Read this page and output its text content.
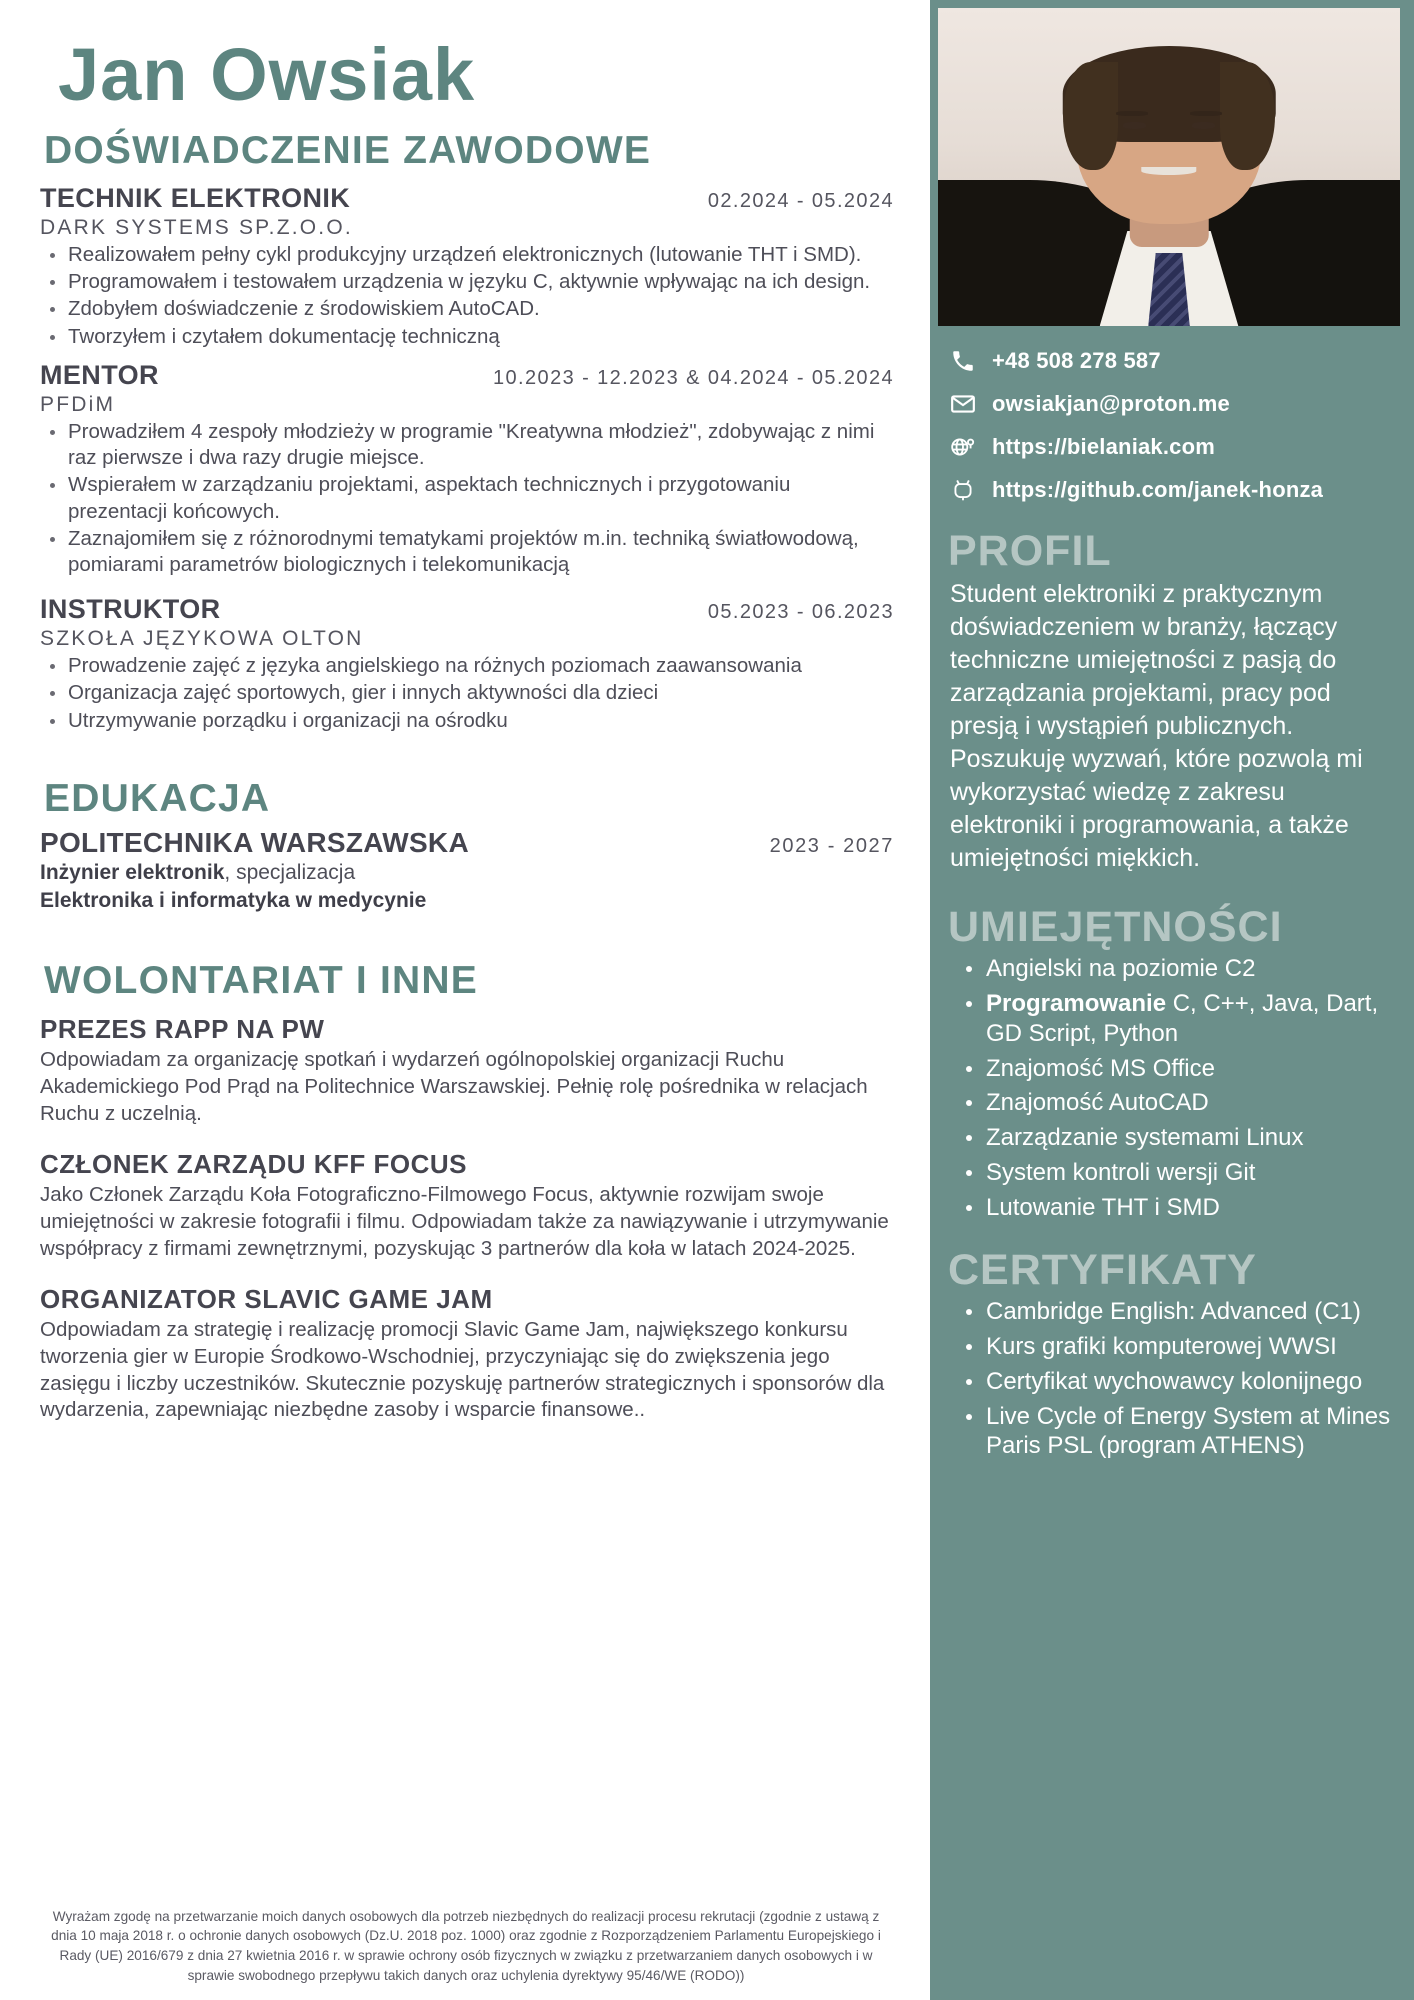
Jan Owsiak
DOŚWIADCZENIE ZAWODOWE
TECHNIK ELEKTRONIK	02.2024 - 05.2024
DARK SYSTEMS SP.Z.O.O.
Realizowałem pełny cykl produkcyjny urządzeń elektronicznych (lutowanie THT i SMD).
Programowałem i testowałem urządzenia w języku C, aktywnie wpływając na ich design.
Zdobyłem doświadczenie z środowiskiem AutoCAD.
Tworzyłem i czytałem dokumentację techniczną
MENTOR	10.2023 - 12.2023 & 04.2024 - 05.2024
PFDiM
Prowadziłem 4 zespoły młodzieży w programie "Kreatywna młodzież", zdobywając z nimi raz pierwsze i dwa razy drugie miejsce.
Wspierałem w zarządzaniu projektami, aspektach technicznych i przygotowaniu prezentacji końcowych.
Zaznajomiłem się z różnorodnymi tematykami projektów m.in. techniką światłowodową, pomiarami parametrów biologicznych i telekomunikacją
INSTRUKTOR	05.2023 - 06.2023
SZKOŁA JĘZYKOWA OLTON
Prowadzenie zajęć z języka angielskiego na różnych poziomach zaawansowania
Organizacja zajęć sportowych, gier i innych aktywności dla dzieci
Utrzymywanie porządku i organizacji na ośrodku
EDUKACJA
POLITECHNIKA WARSZAWSKA	2023 - 2027
Inżynier elektronik, specjalizacja
Elektronika i informatyka w medycynie
WOLONTARIAT I INNE
PREZES RAPP NA PW
Odpowiadam za organizację spotkań i wydarzeń ogólnopolskiej organizacji Ruchu Akademickiego Pod Prąd na Politechnice Warszawskiej. Pełnię rolę pośrednika w relacjach Ruchu z uczelnią.
CZŁONEK ZARZĄDU KFF FOCUS
Jako Członek Zarządu Koła Fotograficzno-Filmowego Focus, aktywnie rozwijam swoje umiejętności w zakresie fotografii i filmu. Odpowiadam także za nawiązywanie i utrzymywanie współpracy z firmami zewnętrznymi, pozyskując 3 partnerów dla koła w latach 2024-2025.
ORGANIZATOR SLAVIC GAME JAM
Odpowiadam za strategię i realizację promocji Slavic Game Jam, największego konkursu tworzenia gier w Europie Środkowo-Wschodniej, przyczyniając się do zwiększenia jego zasięgu i liczby uczestników. Skutecznie pozyskuję partnerów strategicznych i sponsorów dla wydarzenia, zapewniając niezbędne zasoby i wsparcie finansowe..
Wyrażam zgodę na przetwarzanie moich danych osobowych dla potrzeb niezbędnych do realizacji procesu rekrutacji (zgodnie z ustawą z dnia 10 maja 2018 r. o ochronie danych osobowych (Dz.U. 2018 poz. 1000) oraz zgodnie z Rozporządzeniem Parlamentu Europejskiego i Rady (UE) 2016/679 z dnia 27 kwietnia 2016 r. w sprawie ochrony osób fizycznych w związku z przetwarzaniem danych osobowych i w sprawie swobodnego przepływu takich danych oraz uchylenia dyrektywy 95/46/WE (RODO))
+48 508 278 587
owsiakjan@proton.me
https://bielaniak.com
https://github.com/janek-honza
PROFIL
Student elektroniki z praktycznym doświadczeniem w branży, łączący techniczne umiejętności z pasją do zarządzania projektami, pracy pod presją i wystąpień publicznych. Poszukuję wyzwań, które pozwolą mi wykorzystać wiedzę z zakresu elektroniki i programowania, a także umiejętności miękkich.
UMIEJĘTNOŚCI
Angielski na poziomie C2
Programowanie C, C++, Java, Dart, GD Script, Python
Znajomość MS Office
Znajomość AutoCAD
Zarządzanie systemami Linux
System kontroli wersji Git
Lutowanie THT i SMD
CERTYFIKATY
Cambridge English: Advanced (C1)
Kurs grafiki komputerowej WWSI
Certyfikat wychowawcy kolonijnego
Live Cycle of Energy System at Mines Paris PSL (program ATHENS)
